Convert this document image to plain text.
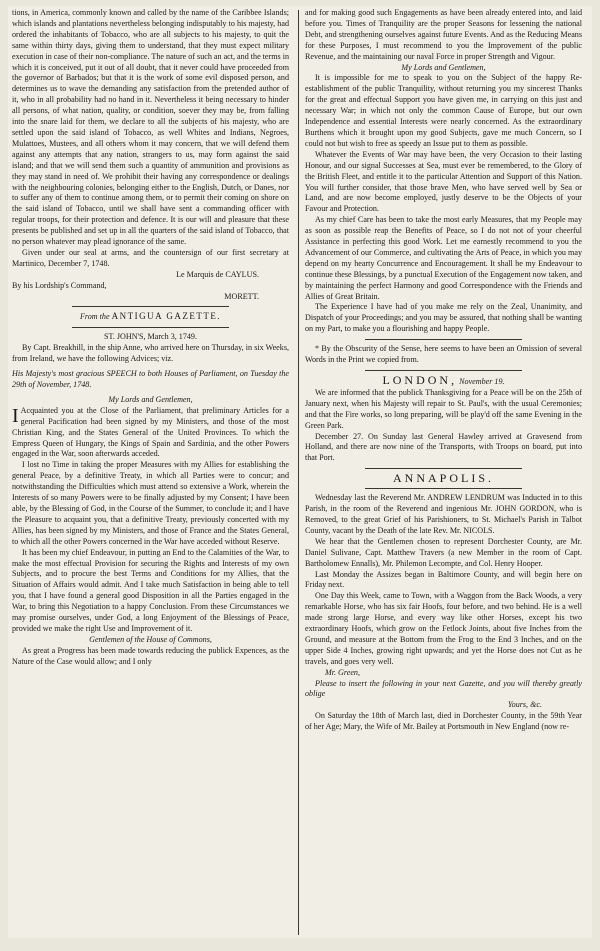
tions, in America, commonly known and called by the name of the Caribbee Islands; which islands and plantations nevertheless belonging indisputably to his majesty, had ordered the inhabitants of Tobacco, who are all subjects to his majesty, to quit the same within thirty days, giving them to understand, that they must expect military execution in case of their non-compliance. The nature of such an act, and the terms in which it is conceived, put it out of all doubt, that it never could have proceeded from the governor of Barbados; but that it is the work of some evil disposed person, and determines us to wave the demanding any satisfaction from the pretended author of it, who in all probability had no hand in it. Nevertheless it being necessary to hinder all persons, of what nation, quality, or condition, soever they may be, from falling into the snare laid for them, we declare to all the subjects of his majesty, who are settled upon the said island of Tobacco, as well Whites and Indians, Negroes, Mulattoes, Mustees, and all others whom it may concern, that we will defend them against any attempts that any nation, strangers to us, may form against the said island; and that we will send them such a quantity of ammunition and provisions as they may stand in need of. We prohibit their having any correspondence or dealings with the neighbouring colonies, belonging either to the English, Dutch, or Danes, nor to suffer any of them to continue among them, or to permit their coming on shore on the said island of Tobacco, until we shall have sent a commanding officer with regular troops, for their protection and defence. It is our will and pleasure that these presents be published and set up in all the quarters of the said island of Tobacco, that no person whatever may plead ignorance of the same.

Given under our seal at arms, and the countersign of our first secretary at Martinico, December 7, 1748.

Le Marquis de CAYLUS.

By his Lordship's Command,

MORETT.

From the ANTIGUA GAZETTE.

ST. JOHN'S, March 3, 1749.

By Capt. Breakhill, in the ship Anne, who arrived here on Thursday, in six Weeks, from Ireland, we have the following Advices; viz.

His Majesty's most gracious SPEECH to both Houses of Parliament, on Tuesday the 29th of November, 1748.

My Lords and Gentlemen,

I Acquainted you at the Close of the Parliament, that preliminary Articles for a general Pacification had been signed by my Ministers, and those of the most Christian King, and the States General of the United Provinces. To which the Empress Queen of Hungary, the Kings of Spain and Sardinia, and the other Powers engaged in the War, soon afterwards acceded.

I lost no Time in taking the proper Measures with my Allies for establishing the general Peace, by a definitive Treaty, in which all Parties were to concur; and notwithstanding the Difficulties which must attend so extensive a Work, wherein the Interests of so many Powers were to be finally adjusted by my Consent; I have been able, by the Blessing of God, in the Course of the Summer, to conclude it; and I have the Pleasure to acquaint you, that a definitive Treaty, previously concerted with my Allies, has been signed by my Ministers, and those of France and the States General, to which all the other Powers concerned in the War have acceded without Reserve.

It has been my chief Endeavour, in putting an End to the Calamities of the War, to make the most effectual Provision for securing the Rights and Interests of my own Subjects, and to procure the best Terms and Conditions for my Allies, that the Situation of Affairs would admit. And I take much Satisfaction in being able to tell you, that I have found a general good Disposition in all the Parties engaged in the War, to bring this Negotiation to a happy Conclusion. From these Circumstances we may promise ourselves, under God, a long Enjoyment of the Blessings of Peace, provided we make the right Use and Improvement of it.

Gentlemen of the House of Commons,

As great a Progress has been made towards reducing the publick Expences, as the Nature of the Case would allow; and I only

and for making good such Engagements as have been already entered into, and laid before you. Times of Tranquility are the proper Seasons for lessening the national Debt, and strengthening ourselves against future Events. And as the Reducing Means for these Purposes, I must recommend to you the Improvement of the public Revenue, and the maintaining our naval Force in proper Strength and Vigour.

My Lords and Gentlemen,

It is impossible for me to speak to you on the Subject of the happy Re-establishment of the public Tranquility, without returning you my sincerest Thanks for the great and effectual Support you have given me, in carrying on this just and necessary War; in which not only the common Cause of Europe, but our own Independence and essential Interests were nearly concerned. As the extraordinary Burthens which it brought upon my good Subjects, gave me much Concern, so I could not but wish to free as speedy an Issue put to them as possible.

Whatever the Events of War may have been, the very Occasion to their lasting Honour, and our signal Successes at Sea, must ever be remembered, to the Glory of the British Fleet, and entitle it to the particular Attention and Support of this Nation. You will further consider, that those brave Men, who have served well by Sea or Land, and are now become employed, justly deserve to be the Objects of your Favour and Protection.

As my chief Care has been to take the most early Measures, that my People may as soon as possible reap the Benefits of Peace, so I do not not of your cheerful Assistance in perfecting this good Work. Let me earnestly recommend to you the Advancement of our Commerce, and cultivating the Arts of Peace, in which you may depend on my hearty Concurrence and Encouragement. It shall be my Endeavour to continue these Blessings, by a punctual Execution of the Engagement now taken, and by maintaining the perfect Harmony and good Correspondence with the Friends and Allies of Great Britain.

The Experience I have had of you make me rely on the Zeal, Unanimity, and Dispatch of your Proceedings; and you may be assured, that nothing shall be wanting on my Part, to make you a flourishing and happy People.

* By the Obscurity of the Sense, here seems to have been an Omission of several Words in the Print we copied from.

LONDON, November 19.

We are informed that the publick Thanksgiving for a Peace will be on the 25th of January next, when his Majesty will repair to St. Paul's, with the usual Ceremonies; and that the Fire works, so long preparing, will be play'd off the same Evening in the Green Park.

December 27. On Sunday last General Hawley arrived at Gravesend from Holland, and there are now nine of the Transports, with Troops on board, put into that Port.

ANNAPOLIS.

Wednesday last the Reverend Mr. ANDREW LENDRUM was Inducted in to this Parish, in the room of the Reverend and ingenious Mr. JOHN GORDON, who is Removed, to the great Grief of his Parishioners, to St. Michael's Parish in Talbot County, vacant by the Death of the late Rev. Mr. NICOLS.

We hear that the Gentlemen chosen to represent Dorchester County, are Mr. Daniel Sulivane, Capt. Matthew Travers (a new Member in the room of Capt. Bartholomew Ennalls), Mr. Philemon Lecompte, and Col. Henry Hooper.

Last Monday the Assizes began in Baltimore County, and will begin here on Friday next.

One Day this Week, came to Town, with a Waggon from the Back Woods, a very remarkable Horse, who has six fair Hoofs, four before, and two behind. He is a well made strong large Horse, and every way like other Horses, except his two extraordinary Hoofs, which grow on the Fetlock Joints, about five Inches from the Ground, and measure at the Bottom from the Frog to the End 3 Inches, and on the upper Side 4 Inches, growing right upwards; and yet the Horse does not Cut as he travels, and goes very well.

Mr. Green,

Please to insert the following in your next Gazette, and you will thereby greatly oblige

Yours, &c.

On Saturday the 18th of March last, died in Dorchester County, in the 59th Year of her Age; Mary, the Wife of Mr. Bailey at Portsmouth in New England (now re-
